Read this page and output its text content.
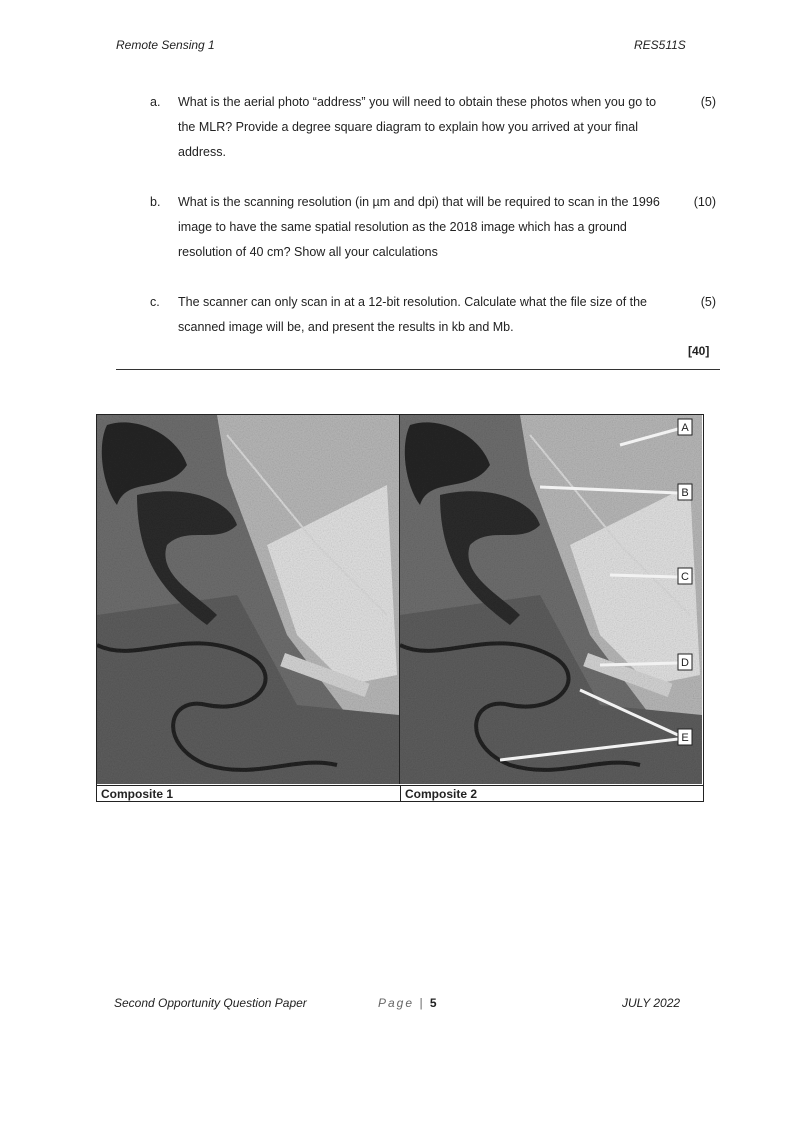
Remote Sensing 1	RES511S
a. What is the aerial photo “address” you will need to obtain these photos when you go to the MLR? Provide a degree square diagram to explain how you arrived at your final address.
(5)
b. What is the scanning resolution (in µm and dpi) that will be required to scan in the 1996 image to have the same spatial resolution as the 2018 image which has a ground resolution of 40 cm? Show all your calculations
(10)
c. The scanner can only scan in at a 12-bit resolution. Calculate what the file size of the scanned image will be, and present the results in kb and Mb.
(5)
[40]
A
B
C
D
E
Composite 1	Composite 2
Second Opportunity Question Paper	Page | 5	JULY 2022
